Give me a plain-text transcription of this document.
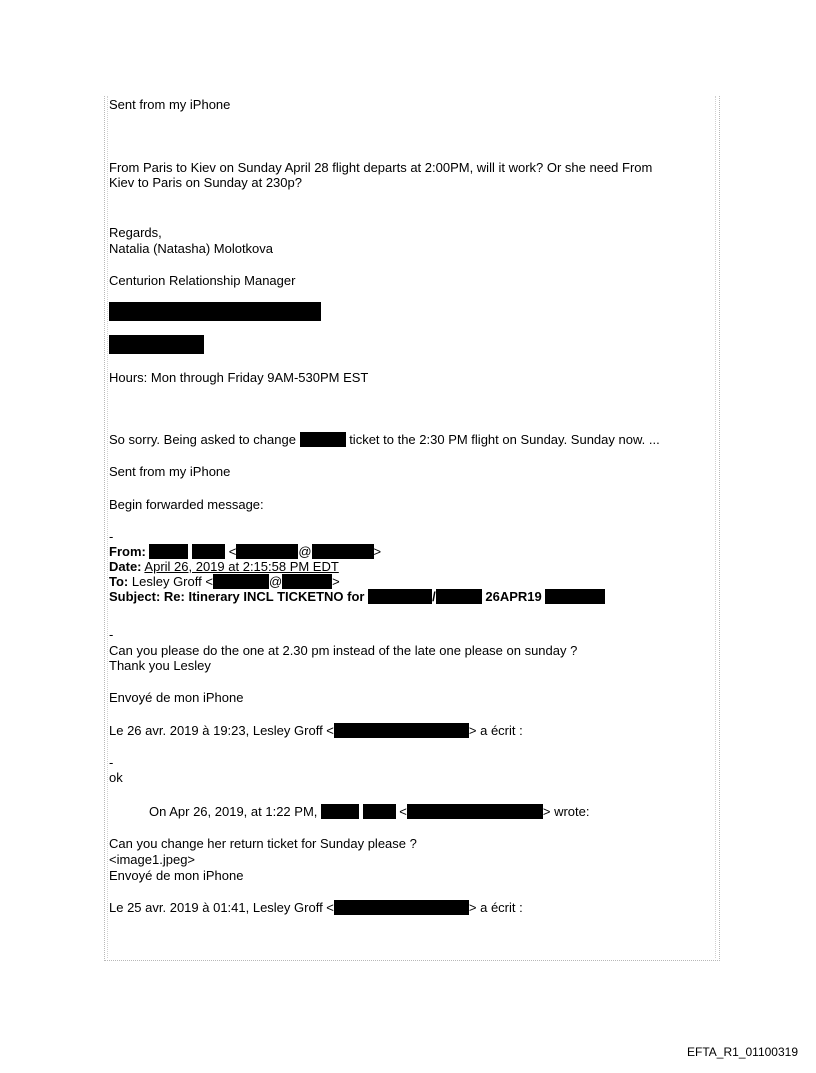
Sent from my iPhone
From Paris to Kiev on Sunday April 28 flight departs at 2:00PM, will it work? Or she need From
Kiev to Paris on Sunday at 230p?
Regards,
Natalia (Natasha) Molotkova
Centurion Relationship Manager
Hours: Mon through Friday 9AM-530PM EST
So sorry. Being asked to change	ticket to the 2:30 PM flight on Sunday. Sunday now. ...
Sent from my iPhone
Begin forwarded message:
-
From:	<	@	>
Date: April 26, 2019 at 2:15:58 PM EDT
To: Lesley Groff <	@	>
Subject: Re: Itinerary INCL TICKETNO for	/	26APR19
-
Can you please do the one at 2.30 pm instead of the late one please on sunday ?
Thank you Lesley
Envoyé de mon iPhone
Le 26 avr. 2019 à 19:23, Lesley Groff <	> a écrit :
-
ok
On Apr 26, 2019, at 1:22 PM,	<	> wrote:
Can you change her return ticket for Sunday please ?
<image1.jpeg>
Envoyé de mon iPhone
Le 25 avr. 2019 à 01:41, Lesley Groff <	> a écrit :
EFTA_R1_01100319
